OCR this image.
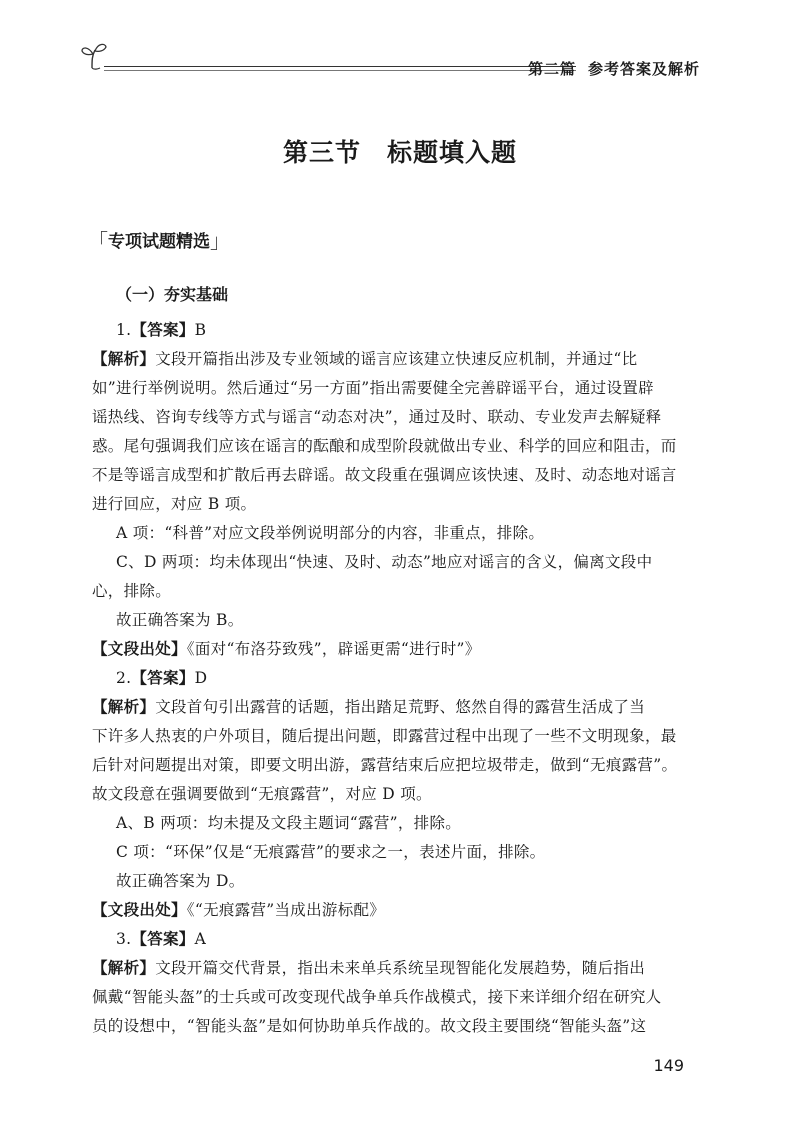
第二篇 参考答案及解析
第三节 标题填入题
「专项试题精选」
（一）夯实基础

1.【答案】B

【解析】文段开篇指出涉及专业领域的谣言应该建立快速反应机制，并通过“比

如”进行举例说明。然后通过“另一方面”指出需要健全完善辟谣平台，通过设置辟

谣热线、咨询专线等方式与谣言“动态对决”，通过及时、联动、专业发声去解疑释

惑。尾句强调我们应该在谣言的酝酿和成型阶段就做出专业、科学的回应和阻击，而

不是等谣言成型和扩散后再去辟谣。故文段重在强调应该快速、及时、动态地对谣言

进行回应，对应 B 项。

A 项：“科普”对应文段举例说明部分的内容，非重点，排除。

C、D 两项：均未体现出“快速、及时、动态”地应对谣言的含义，偏离文段中

心，排除。

故正确答案为 B。

【文段出处】《面对“布洛芬致残”，辟谣更需“进行时”》

2.【答案】D

【解析】文段首句引出露营的话题，指出踏足荒野、悠然自得的露营生活成了当

下许多人热衷的户外项目，随后提出问题，即露营过程中出现了一些不文明现象，最

后针对问题提出对策，即要文明出游，露营结束后应把垃圾带走，做到“无痕露营”。

故文段意在强调要做到“无痕露营”，对应 D 项。

A、B 两项：均未提及文段主题词“露营”，排除。

C 项：“环保”仅是“无痕露营”的要求之一，表述片面，排除。

故正确答案为 D。

【文段出处】《“无痕露营”当成出游标配》

3.【答案】A

【解析】文段开篇交代背景，指出未来单兵系统呈现智能化发展趋势，随后指出

佩戴“智能头盔”的士兵或可改变现代战争单兵作战模式，接下来详细介绍在研究人

员的设想中，“智能头盔”是如何协助单兵作战的。故文段主要围绕“智能头盔”这

149
